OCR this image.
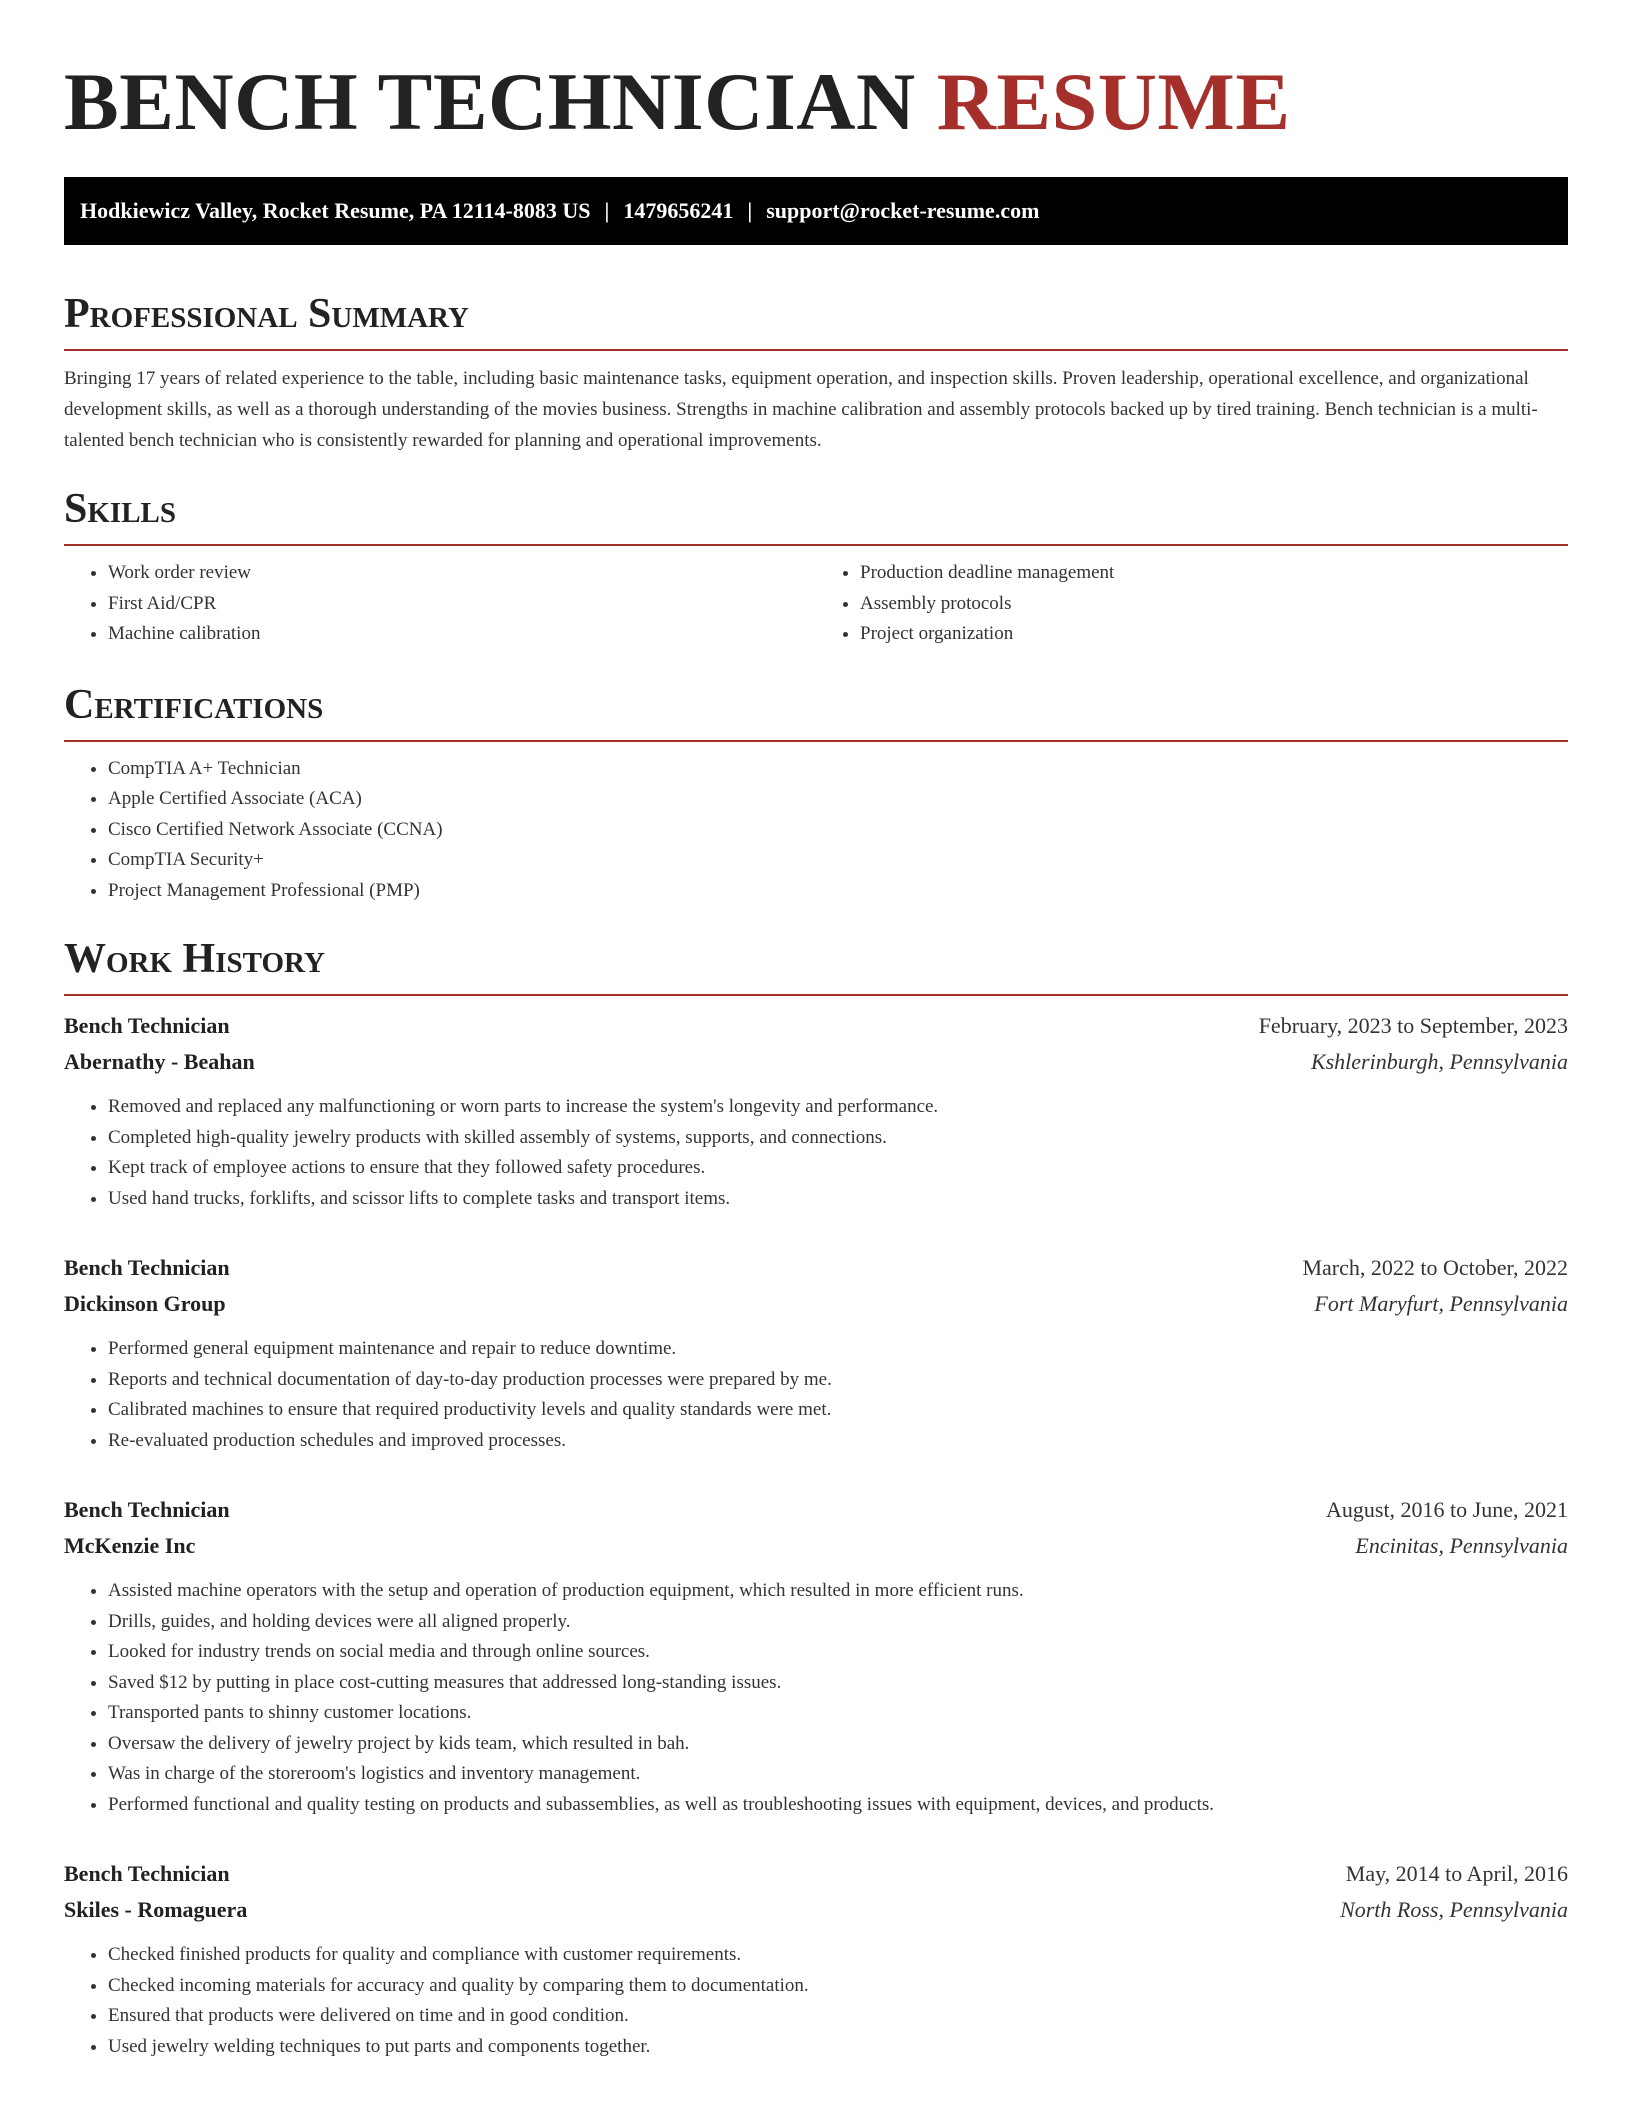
BENCH TECHNICIAN RESUME
Hodkiewicz Valley, Rocket Resume, PA 12114-8083 US | 1479656241 | support@rocket-resume.com
Professional Summary

Bringing 17 years of related experience to the table, including basic maintenance tasks, equipment operation, and inspection skills. Proven leadership, operational excellence, and organizational development skills, as well as a thorough understanding of the movies business. Strengths in machine calibration and assembly protocols backed up by tired training. Bench technician is a multi-talented bench technician who is consistently rewarded for planning and operational improvements.

Skills
• Work order review
• First Aid/CPR
• Machine calibration
• Production deadline management
• Assembly protocols
• Project organization
Certifications
• CompTIA A+ Technician
• Apple Certified Associate (ACA)
• Cisco Certified Network Associate (CCNA)
• CompTIA Security+
• Project Management Professional (PMP)
Work History
Bench Technician	February, 2023 to September, 2023
Abernathy - Beahan	Kshlerinburgh, Pennsylvania
• Removed and replaced any malfunctioning or worn parts to increase the system's longevity and performance.
• Completed high-quality jewelry products with skilled assembly of systems, supports, and connections.
• Kept track of employee actions to ensure that they followed safety procedures.
• Used hand trucks, forklifts, and scissor lifts to complete tasks and transport items.
Bench Technician	March, 2022 to October, 2022
Dickinson Group	Fort Maryfurt, Pennsylvania
• Performed general equipment maintenance and repair to reduce downtime.
• Reports and technical documentation of day-to-day production processes were prepared by me.
• Calibrated machines to ensure that required productivity levels and quality standards were met.
• Re-evaluated production schedules and improved processes.
Bench Technician	August, 2016 to June, 2021
McKenzie Inc	Encinitas, Pennsylvania
• Assisted machine operators with the setup and operation of production equipment, which resulted in more efficient runs.
• Drills, guides, and holding devices were all aligned properly.
• Looked for industry trends on social media and through online sources.
• Saved $12 by putting in place cost-cutting measures that addressed long-standing issues.
• Transported pants to shinny customer locations.
• Oversaw the delivery of jewelry project by kids team, which resulted in bah.
• Was in charge of the storeroom's logistics and inventory management.
• Performed functional and quality testing on products and subassemblies, as well as troubleshooting issues with equipment, devices, and products.
Bench Technician	May, 2014 to April, 2016
Skiles - Romaguera	North Ross, Pennsylvania
• Checked finished products for quality and compliance with customer requirements.
• Checked incoming materials for accuracy and quality by comparing them to documentation.
• Ensured that products were delivered on time and in good condition.
• Used jewelry welding techniques to put parts and components together.
